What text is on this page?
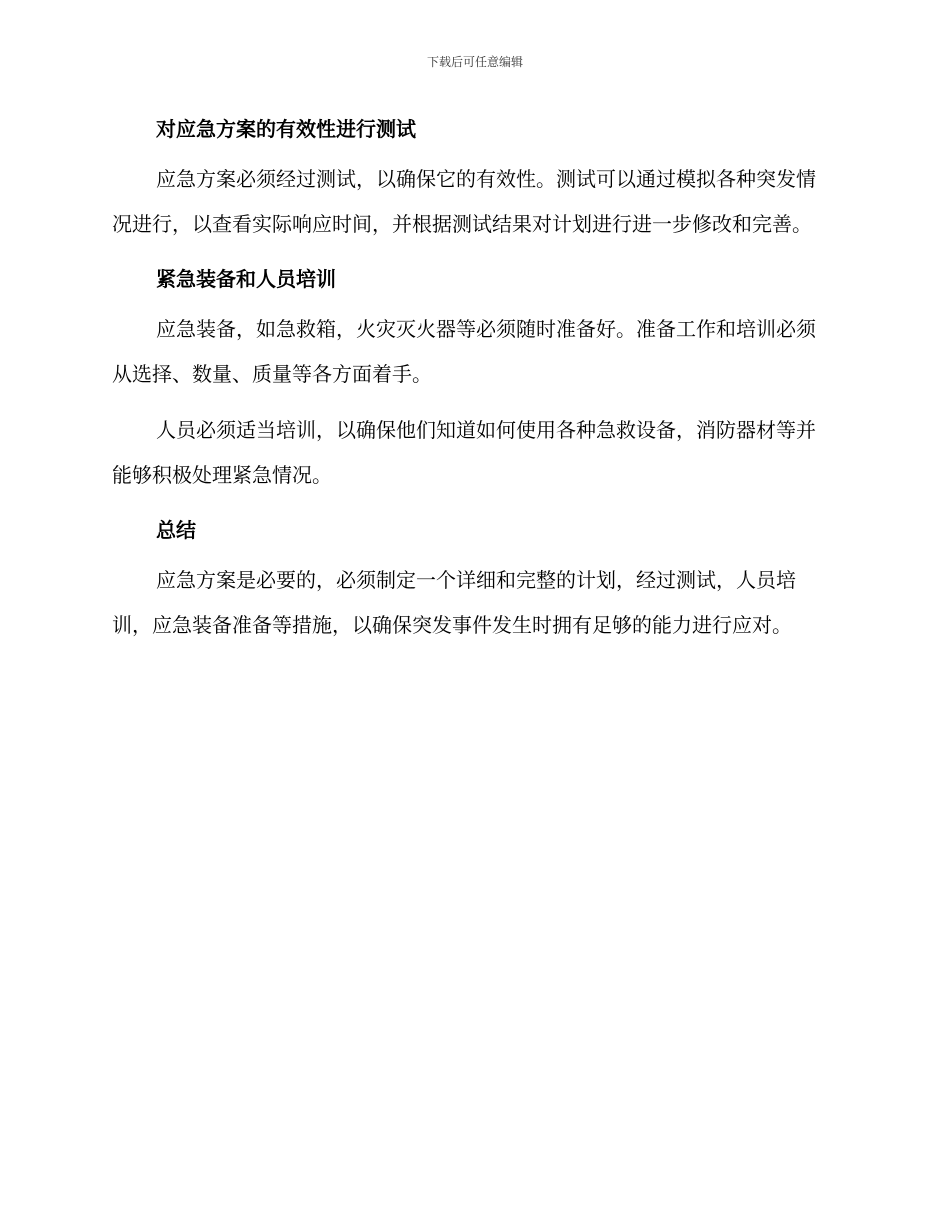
下载后可任意编辑
对应急方案的有效性进行测试

应急方案必须经过测试，以确保它的有效性。测试可以通过模拟各种突发情况进行，以查看实际响应时间，并根据测试结果对计划进行进一步修改和完善。

紧急装备和人员培训

应急装备，如急救箱，火灾灭火器等必须随时准备好。准备工作和培训必须从选择、数量、质量等各方面着手。

人员必须适当培训，以确保他们知道如何使用各种急救设备，消防器材等并能够积极处理紧急情况。

总结

应急方案是必要的，必须制定一个详细和完整的计划，经过测试，人员培训，应急装备准备等措施，以确保突发事件发生时拥有足够的能力进行应对。
